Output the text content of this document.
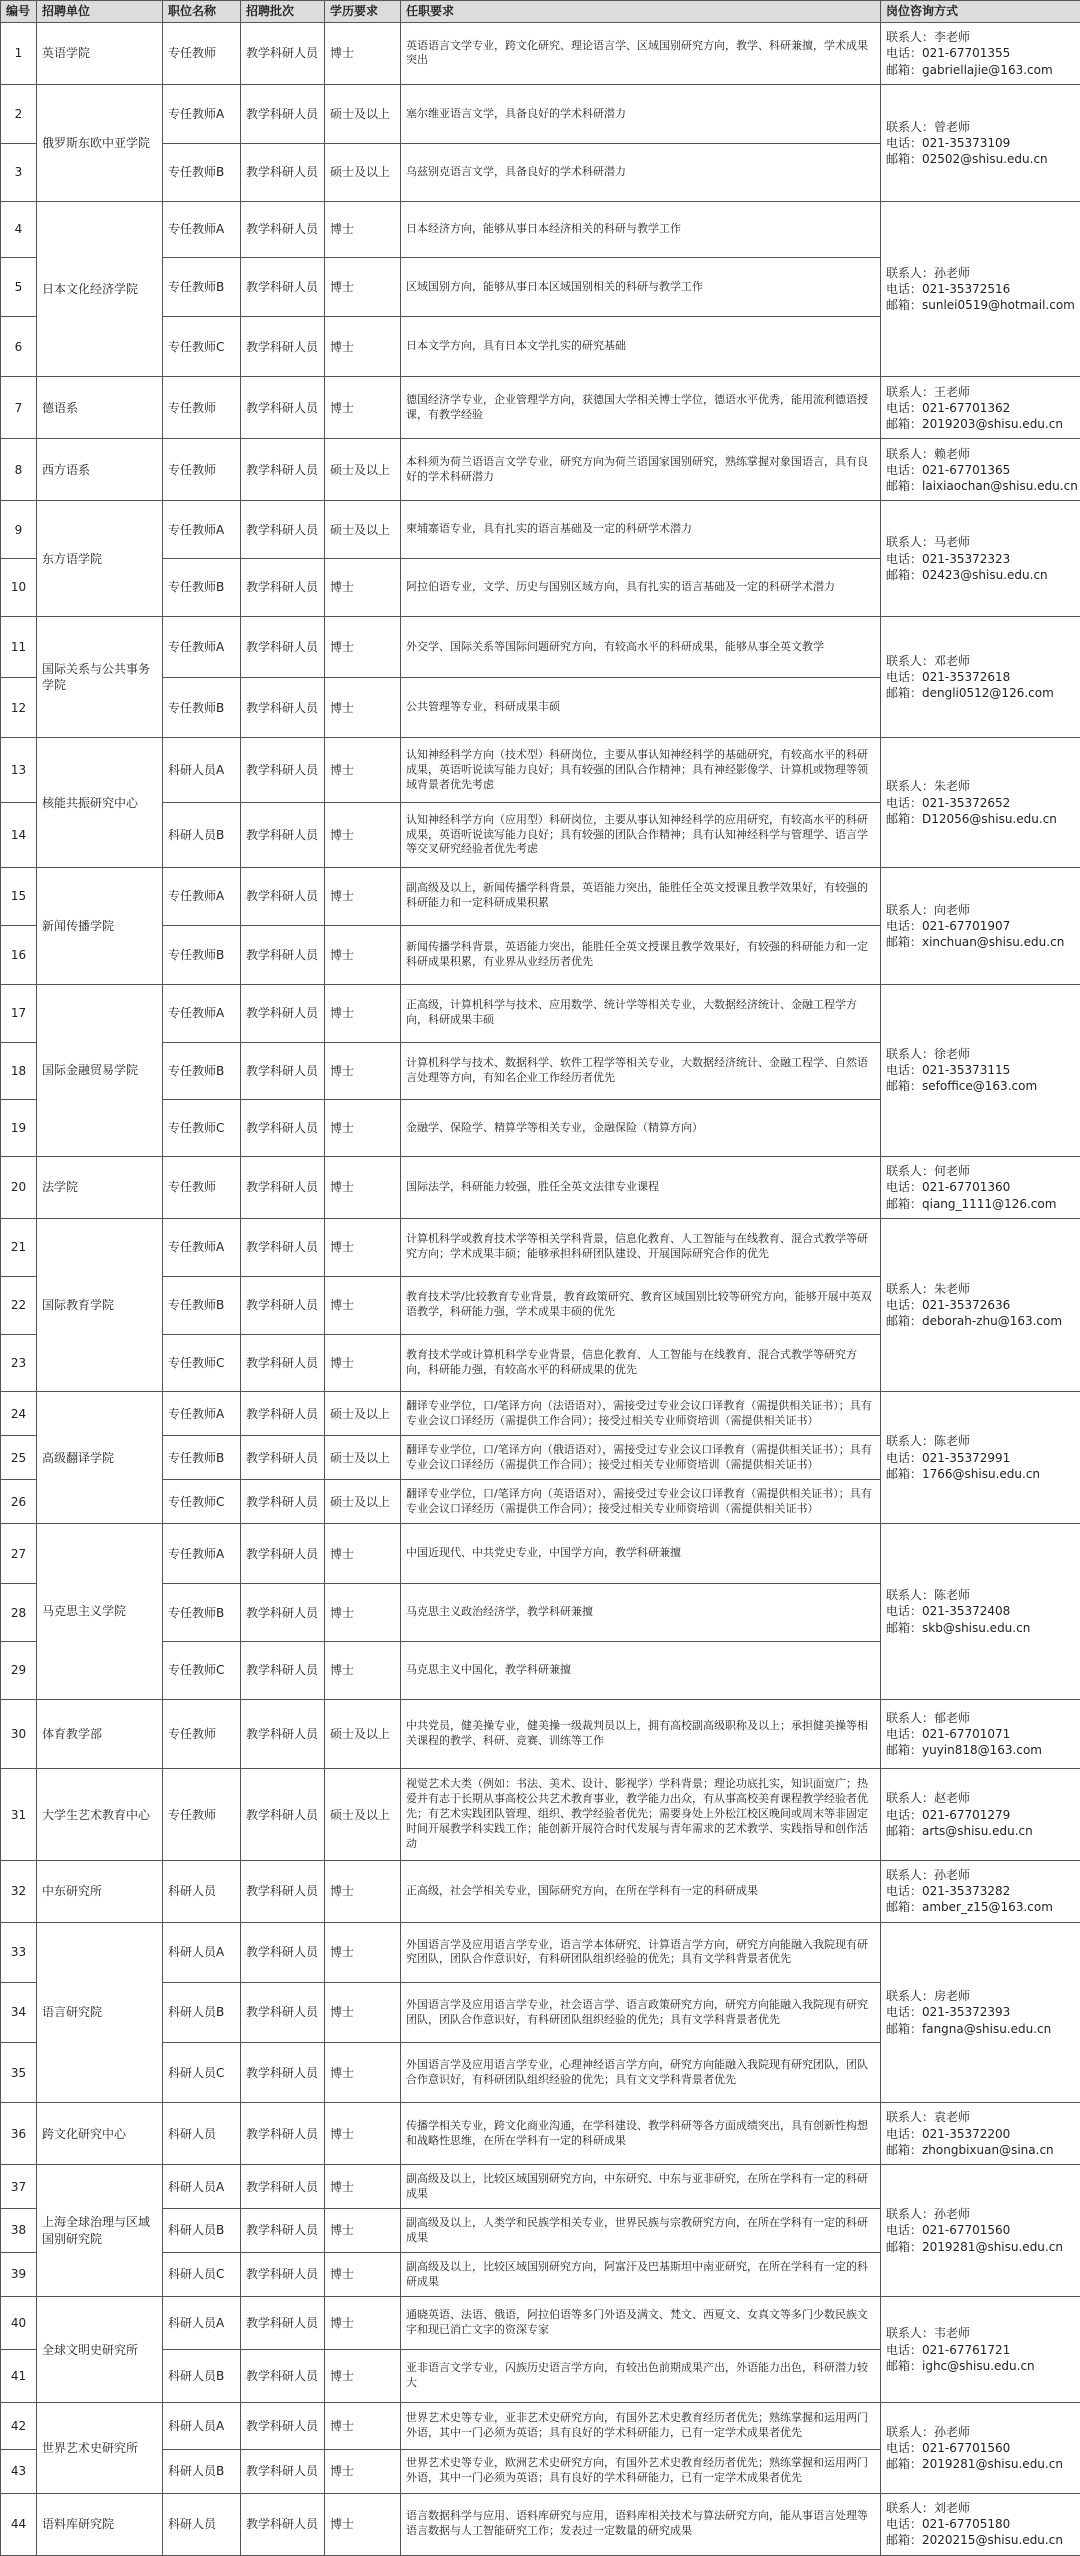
编号	招聘单位	职位名称	招聘批次	学历要求	任职要求	岗位咨询方式
1	英语学院	专任教师	教学科研人员	博士	英语语言文学专业，跨文化研究、理论语言学、区域国别研究方向，教学、科研兼擅，学术成果突出	联系人：李老师
电话：021-67701355
邮箱：gabriellajie@163.com

2	俄罗斯东欧中亚学院	专任教师A	教学科研人员	硕士及以上	塞尔维亚语言文学，具备良好的学术科研潜力	联系人：曾老师
电话：021-35373109
邮箱：02502@shisu.edu.cn

3		专任教师B	教学科研人员	硕士及以上	乌兹别克语言文学，具备良好的学术科研潜力	
4	日本文化经济学院	专任教师A	教学科研人员	博士	日本经济方向，能够从事日本经济相关的科研与教学工作	联系人：孙老师
电话：021-35372516
邮箱：sunlei0519@hotmail.com

5		专任教师B	教学科研人员	博士	区域国别方向，能够从事日本区域国别相关的科研与教学工作	
6		专任教师C	教学科研人员	博士	日本文学方向，具有日本文学扎实的研究基础	
7	德语系	专任教师	教学科研人员	博士	德国经济学专业，企业管理学方向，获德国大学相关博士学位，德语水平优秀，能用流利德语授课，有教学经验	联系人：王老师
电话：021-67701362
邮箱：2019203@shisu.edu.cn

8	西方语系	专任教师	教学科研人员	硕士及以上	本科须为荷兰语语言文学专业，研究方向为荷兰语国家国别研究，熟练掌握对象国语言，具有良好的学术科研潜力	联系人：赖老师
电话：021-67701365
邮箱：laixiaochan@shisu.edu.cn

9	东方语学院	专任教师A	教学科研人员	硕士及以上	柬埔寨语专业，具有扎实的语言基础及一定的科研学术潜力	联系人：马老师
电话：021-35372323
邮箱：02423@shisu.edu.cn

10		专任教师B	教学科研人员	博士	阿拉伯语专业，文学、历史与国别区域方向，具有扎实的语言基础及一定的科研学术潜力	
11	国际关系与公共事务学院	专任教师A	教学科研人员	博士	外交学、国际关系等国际问题研究方向，有较高水平的科研成果，能够从事全英文教学	联系人：邓老师
电话：021-35372618
邮箱：dengli0512@126.com

12		专任教师B	教学科研人员	博士	公共管理等专业，科研成果丰硕	
13	核能共振研究中心	科研人员A	教学科研人员	博士	认知神经科学方向（技术型）科研岗位，主要从事认知神经科学的基础研究，有较高水平的科研成果，英语听说读写能力良好；具有较强的团队合作精神；具有神经影像学、计算机或物理等领域背景者优先考虑	联系人：朱老师
电话：021-35372652
邮箱：D12056@shisu.edu.cn

14		科研人员B	教学科研人员	博士	认知神经科学方向（应用型）科研岗位，主要从事认知神经科学的应用研究，有较高水平的科研成果，英语听说读写能力良好；具有较强的团队合作精神；具有认知神经科学与管理学、语言学等交叉研究经验者优先考虑	
15	新闻传播学院	专任教师A	教学科研人员	博士	副高级及以上，新闻传播学科背景，英语能力突出，能胜任全英文授课且教学效果好，有较强的科研能力和一定科研成果积累	联系人：向老师
电话：021-67701907
邮箱：xinchuan@shisu.edu.cn

16		专任教师B	教学科研人员	博士	新闻传播学科背景，英语能力突出，能胜任全英文授课且教学效果好，有较强的科研能力和一定科研成果积累，有业界从业经历者优先	
17	国际金融贸易学院	专任教师A	教学科研人员	博士	正高级，计算机科学与技术、应用数学、统计学等相关专业，大数据经济统计、金融工程学方向，科研成果丰硕	联系人：徐老师
电话：021-35373115
邮箱：sefoffice@163.com

18		专任教师B	教学科研人员	博士	计算机科学与技术、数据科学、软件工程学等相关专业，大数据经济统计、金融工程学、自然语言处理等方向，有知名企业工作经历者优先	
19		专任教师C	教学科研人员	博士	金融学、保险学、精算学等相关专业，金融保险（精算方向）	
20	法学院	专任教师	教学科研人员	博士	国际法学，科研能力较强，胜任全英文法律专业课程	联系人：何老师
电话：021-67701360
邮箱：qiang_1111@126.com

21	国际教育学院	专任教师A	教学科研人员	博士	计算机科学或教育技术学等相关学科背景，信息化教育、人工智能与在线教育、混合式教学等研究方向；学术成果丰硕；能够承担科研团队建设、开展国际研究合作的优先	联系人：朱老师
电话：021-35372636
邮箱：deborah-zhu@163.com

22		专任教师B	教学科研人员	博士	教育技术学/比较教育专业背景，教育政策研究、教育区域国别比较等研究方向，能够开展中英双语教学，科研能力强，学术成果丰硕的优先	
23		专任教师C	教学科研人员	博士	教育技术学或计算机科学专业背景，信息化教育、人工智能与在线教育、混合式教学等研究方向，科研能力强，有较高水平的科研成果的优先	
24	高级翻译学院	专任教师A	教学科研人员	硕士及以上	翻译专业学位，口/笔译方向（法语语对），需接受过专业会议口译教育（需提供相关证书）；具有专业会议口译经历（需提供工作合同）；接受过相关专业师资培训（需提供相关证书）	联系人：陈老师
电话：021-35372991
邮箱：1766@shisu.edu.cn

25		专任教师B	教学科研人员	硕士及以上	翻译专业学位，口/笔译方向（俄语语对），需接受过专业会议口译教育（需提供相关证书）；具有专业会议口译经历（需提供工作合同）；接受过相关专业师资培训（需提供相关证书）	
26		专任教师C	教学科研人员	硕士及以上	翻译专业学位，口/笔译方向（英语语对），需接受过专业会议口译教育（需提供相关证书）；具有专业会议口译经历（需提供工作合同）；接受过相关专业师资培训（需提供相关证书）	
27	马克思主义学院	专任教师A	教学科研人员	博士	中国近现代、中共党史专业，中国学方向，教学科研兼擅	联系人：陈老师
电话：021-35372408
邮箱：skb@shisu.edu.cn

28		专任教师B	教学科研人员	博士	马克思主义政治经济学，教学科研兼擅	
29		专任教师C	教学科研人员	博士	马克思主义中国化，教学科研兼擅	
30	体育教学部	专任教师	教学科研人员	硕士及以上	中共党员，健美操专业，健美操一级裁判员以上，拥有高校副高级职称及以上；承担健美操等相关课程的教学、科研、竞赛、训练等工作	联系人：郁老师
电话：021-67701071
邮箱：yuyin818@163.com

31	大学生艺术教育中心	专任教师	教学科研人员	硕士及以上	视觉艺术大类（例如：书法、美术、设计、影视学）学科背景；理论功底扎实，知识面宽广；热爱并有志于长期从事高校公共艺术教育事业，教学能力出众，有从事高校美育课程教学经验者优先；有艺术实践团队管理、组织、教学经验者优先；需要身处上外松江校区晚间或周末等非固定时间开展教学科实践工作；能创新开展符合时代发展与青年需求的艺术教学、实践指导和创作活动	联系人：赵老师
电话：021-67701279
邮箱：arts@shisu.edu.cn

32	中东研究所	科研人员	教学科研人员	博士	正高级，社会学相关专业，国际研究方向，在所在学科有一定的科研成果	联系人：孙老师
电话：021-35373282
邮箱：amber_z15@163.com

33	语言研究院	科研人员A	教学科研人员	博士	外国语言学及应用语言学专业，语言学本体研究、计算语言学方向，研究方向能融入我院现有研究团队，团队合作意识好，有科研团队组织经验的优先；具有文学科背景者优先	联系人：房老师
电话：021-35372393
邮箱：fangna@shisu.edu.cn

34		科研人员B	教学科研人员	博士	外国语言学及应用语言学专业，社会语言学、语言政策研究方向，研究方向能融入我院现有研究团队，团队合作意识好，有科研团队组织经验的优先；具有文学科背景者优先	
35		科研人员C	教学科研人员	博士	外国语言学及应用语言学专业，心理神经语言学方向，研究方向能融入我院现有研究团队，团队合作意识好，有科研团队组织经验的优先；具有文文学科背景者优先	
36	跨文化研究中心	科研人员	教学科研人员	博士	传播学相关专业，跨文化商业沟通，在学科建设、教学科研等各方面成绩突出，具有创新性构想和战略性思维，在所在学科有一定的科研成果	联系人：袁老师
电话：021-35372200
邮箱：zhongbixuan@sina.cn

37	上海全球治理与区域国别研究院	科研人员A	教学科研人员	博士	副高级及以上，比较区域国别研究方向，中东研究、中东与亚非研究，在所在学科有一定的科研成果	联系人：孙老师
电话：021-67701560
邮箱：2019281@shisu.edu.cn

38		科研人员B	教学科研人员	博士	副高级及以上，人类学和民族学相关专业，世界民族与宗教研究方向，在所在学科有一定的科研成果	
39		科研人员C	教学科研人员	博士	副高级及以上，比较区域国别研究方向，阿富汗及巴基斯坦中南亚研究，在所在学科有一定的科研成果	
40	全球文明史研究所	科研人员A	教学科研人员	博士	通晓英语、法语、俄语，阿拉伯语等多门外语及满文、梵文、西夏文、女真文等多门少数民族文字和现已消亡文字的资深专家	联系人：韦老师
电话：021-67761721
邮箱：ighc@shisu.edu.cn

41		科研人员B	教学科研人员	博士	亚非语言文学专业，闪族历史语言学方向，有较出色前期成果产出，外语能力出色，科研潜力较大	
42	世界艺术史研究所	科研人员A	教学科研人员	博士	世界艺术史等专业，亚非艺术史研究方向，有国外艺术史教育经历者优先；熟练掌握和运用两门外语，其中一门必须为英语；具有良好的学术科研能力，已有一定学术成果者优先	联系人：孙老师
电话：021-67701560
邮箱：2019281@shisu.edu.cn

43		科研人员B	教学科研人员	博士	世界艺术史等专业，欧洲艺术史研究方向，有国外艺术史教育经历者优先；熟练掌握和运用两门外语，其中一门必须为英语；具有良好的学术科研能力，已有一定学术成果者优先	
44	语料库研究院	科研人员	教学科研人员	博士	语言数据科学与应用、语料库研究与应用，语料库相关技术与算法研究方向，能从事语言处理等语言数据与人工智能研究工作；发表过一定数量的研究成果	联系人：刘老师
电话：021-67705180
邮箱：2020215@shisu.edu.cn
